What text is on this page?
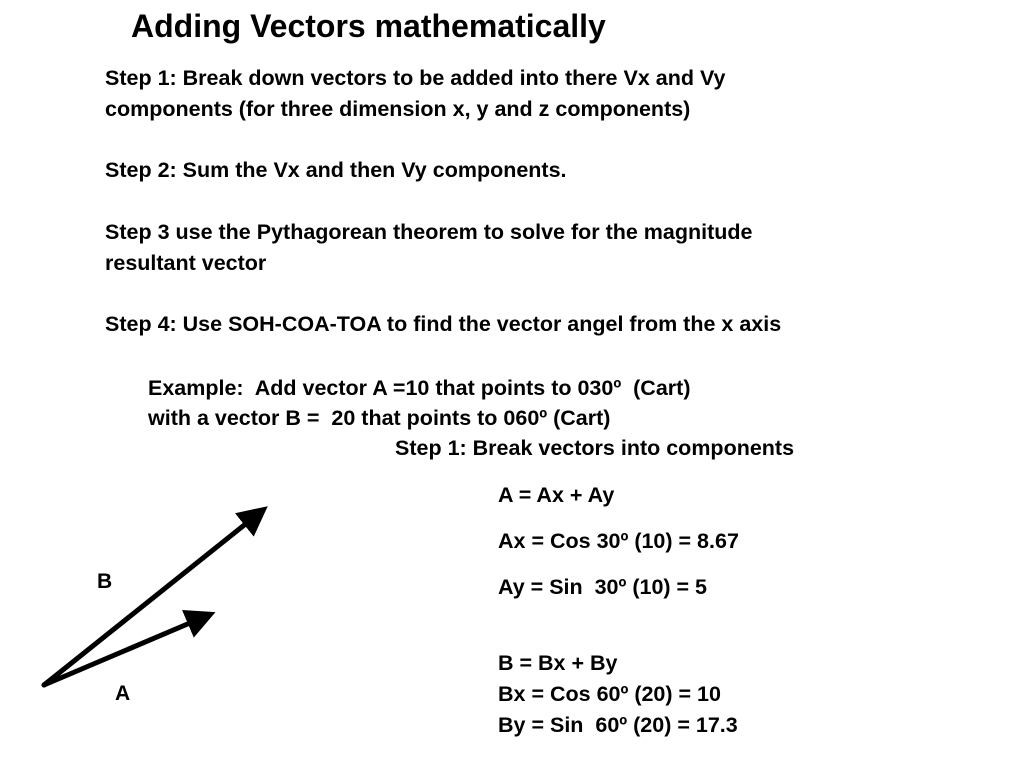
Adding Vectors mathematically
Step 1: Break down vectors to be added into there Vx and Vy
components (for three dimension x, y and z components)
Step 2: Sum the Vx and then Vy components.
Step 3 use the Pythagorean theorem to solve for the magnitude
resultant vector
Step 4: Use SOH-COA-TOA to find the vector angel from the x axis
Example:  Add vector A =10 that points to 030º  (Cart)
with a vector B =  20 that points to 060º (Cart)
Step 1: Break vectors into components
A = Ax + Ay
Ax = Cos 30º (10) = 8.67
Ay = Sin  30º (10) = 5
B = Bx + By
Bx = Cos 60º (20) = 10
By = Sin  60º (20) = 17.3
B
A
